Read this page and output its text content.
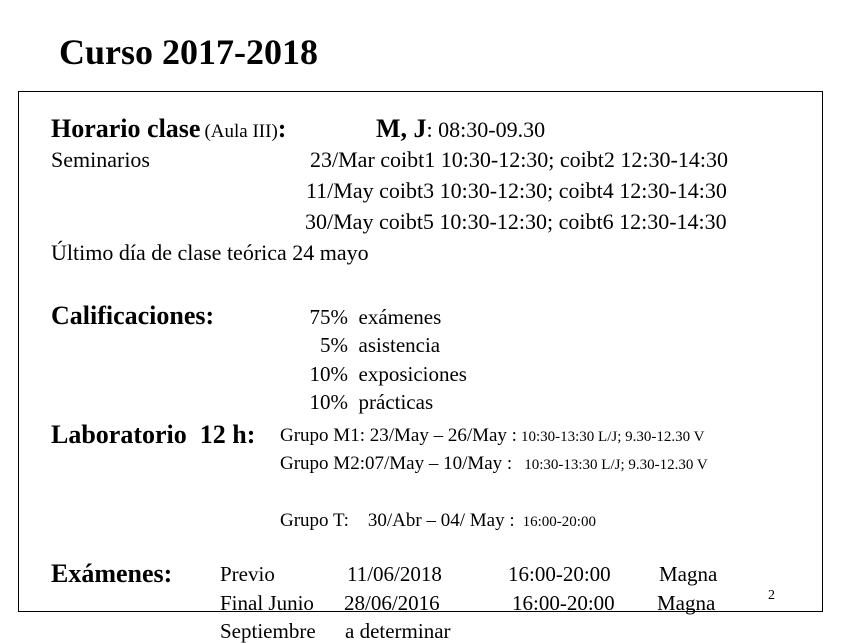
Curso 2017-2018
Horario clase (Aula III):	M, J: 08:30-09.30
Seminarios	23/Mar coibt1 10:30-12:30; coibt2 12:30-14:30
11/May coibt3 10:30-12:30; coibt4 12:30-14:30
30/May coibt5 10:30-12:30; coibt6 12:30-14:30
Último día de clase teórica 24 mayo
Calificaciones:	75% exámenes
5% asistencia
10% exposiciones
10% prácticas
Laboratorio  12 h: Grupo M1: 23/May – 26/May : 10:30-13:30 L/J; 9.30-12.30 V
Grupo M2:07/May – 10/May : 10:30-13:30 L/J; 9.30-12.30 V
Grupo T:    30/Abr – 04/ May : 16:00-20:00
Exámenes: Previo	11/06/2018	16:00-20:00 Magna
Final Junio 28/06/2016	16:00-20:00 Magna	2
Septiembre a determinar
